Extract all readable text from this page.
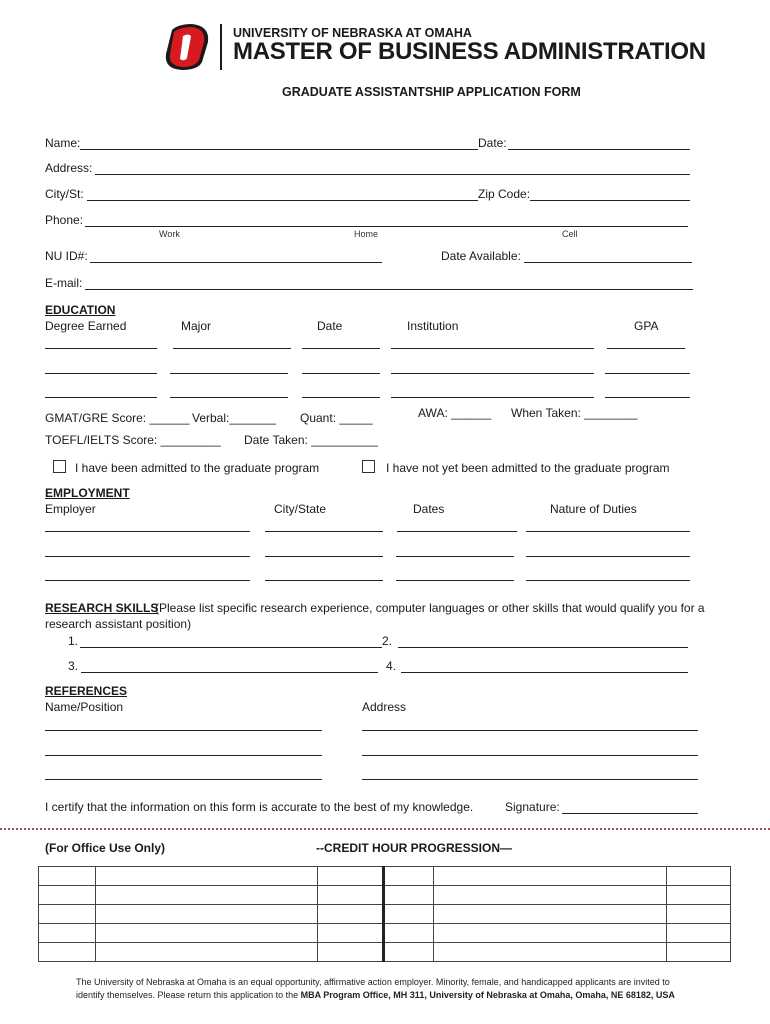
UNIVERSITY OF NEBRASKA AT OMAHA
MASTER OF BUSINESS ADMINISTRATION
GRADUATE ASSISTANTSHIP APPLICATION FORM
Name:	Date:
Address:
City/St:	Zip Code:
Phone:
Work	Home	Cell
NU ID#:	Date Available:
E-mail:
EDUCATION
Degree Earned	Major	Date	Institution	GPA
GMAT/GRE Score: ______ Verbal:_______ Quant: _____	AWA: ______ When Taken: ________
TOEFL/IELTS Score: _________ Date Taken: __________
I have been admitted to the graduate program	I have not yet been admitted to the graduate program
EMPLOYMENT
Employer	City/State	Dates	Nature of Duties
RESEARCH SKILLS
(Please list specific research experience, computer languages or other skills that would qualify you for a
research assistant position)
1.	2.
3.	4.
REFERENCES
Name/Position	Address
I certify that the information on this form is accurate to the best of my knowledge.	Signature:
(For Office Use Only)	--CREDIT HOUR PROGRESSION—

The University of Nebraska at Omaha is an equal opportunity, affirmative action employer. Minority, female, and handicapped applicants are invited to
identify themselves. Please return this application to the MBA Program Office, MH 311, University of Nebraska at Omaha, Omaha, NE 68182, USA
